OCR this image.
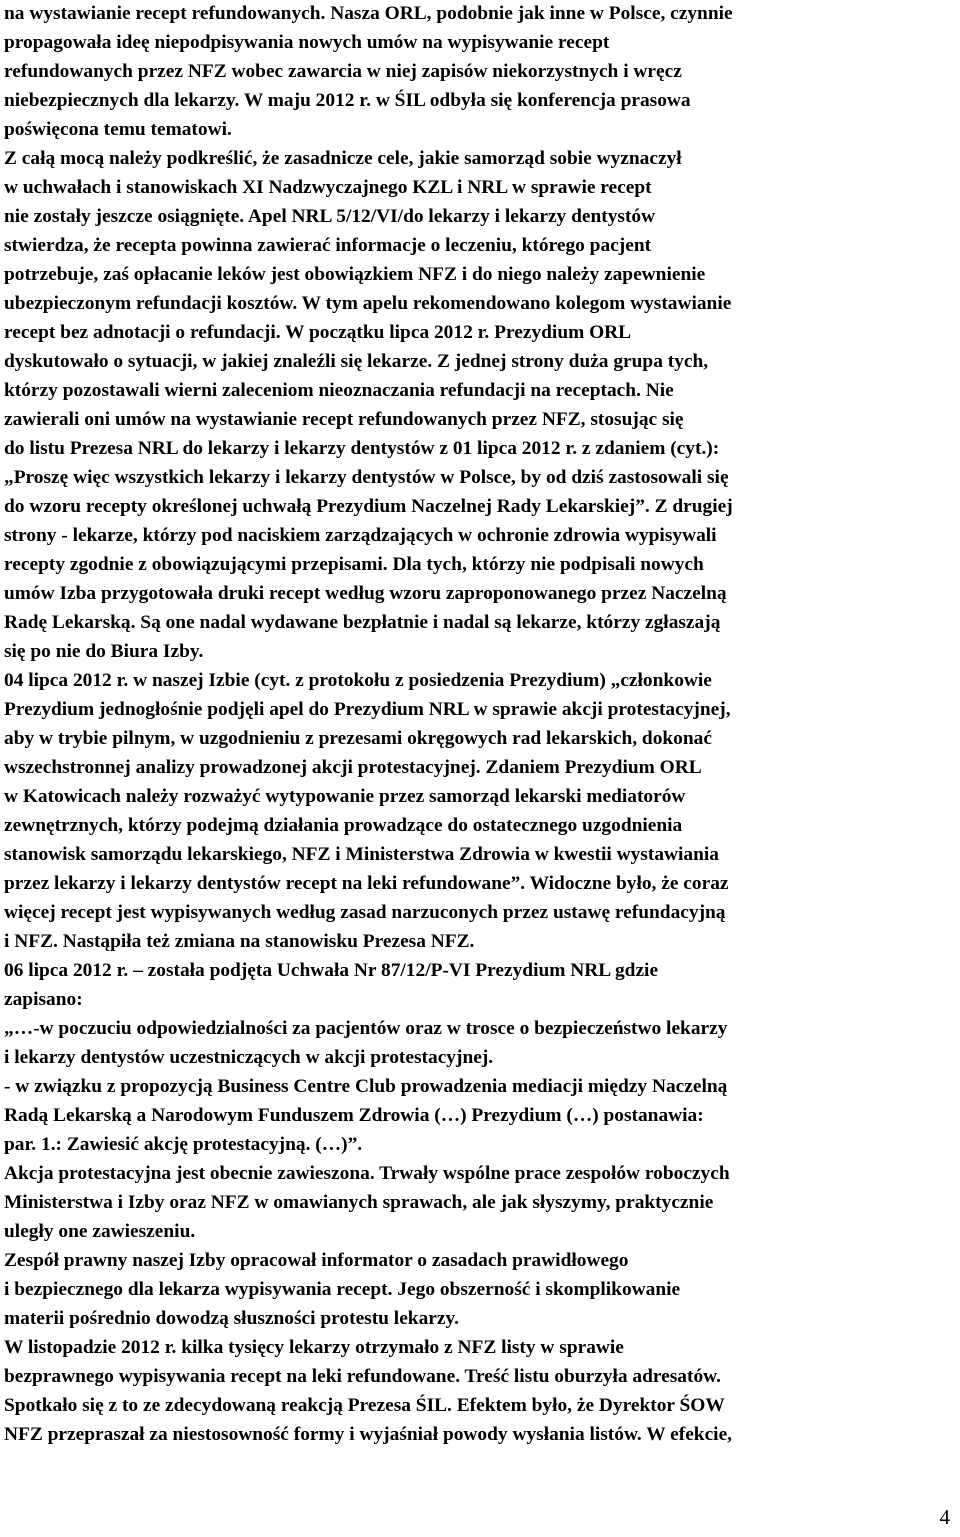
na wystawianie recept refundowanych. Nasza ORL, podobnie jak inne w Polsce, czynnie
propagowała ideę niepodpisywania nowych umów na wypisywanie recept
refundowanych przez NFZ wobec zawarcia w niej zapisów niekorzystnych i wręcz
niebezpiecznych dla lekarzy. W maju 2012 r. w ŚIL odbyła się konferencja prasowa
poświęcona temu tematowi.
Z całą mocą należy podkreślić, że zasadnicze cele, jakie samorząd sobie wyznaczył
w uchwałach i stanowiskach XI Nadzwyczajnego KZL i NRL w sprawie recept
nie zostały jeszcze osiągnięte. Apel NRL 5/12/VI/do lekarzy i lekarzy dentystów
stwierdza, że recepta powinna zawierać informacje o leczeniu, którego pacjent
potrzebuje, zaś opłacanie leków jest obowiązkiem NFZ i do niego należy zapewnienie
ubezpieczonym refundacji kosztów. W tym apelu rekomendowano kolegom wystawianie
recept bez adnotacji o refundacji. W początku lipca 2012 r. Prezydium ORL
dyskutowało o sytuacji, w jakiej znaleźli się lekarze. Z jednej strony duża grupa tych,
którzy pozostawali wierni zaleceniom nieoznaczania refundacji na receptach. Nie
zawierali oni umów na wystawianie recept refundowanych przez NFZ, stosując się
do listu Prezesa NRL do lekarzy i lekarzy dentystów z 01 lipca 2012 r. z zdaniem (cyt.):
„Proszę więc wszystkich lekarzy i lekarzy dentystów w Polsce, by od dziś zastosowali się
do wzoru recepty określonej uchwałą Prezydium Naczelnej Rady Lekarskiej”. Z drugiej
strony - lekarze, którzy pod naciskiem zarządzających w ochronie zdrowia wypisywali
recepty zgodnie z obowiązującymi przepisami. Dla tych, którzy nie podpisali nowych
umów Izba przygotowała druki recept według wzoru zaproponowanego przez Naczelną
Radę Lekarską. Są one nadal wydawane bezpłatnie i nadal są lekarze, którzy zgłaszają
się po nie do Biura Izby.
04 lipca 2012 r. w naszej Izbie (cyt. z protokołu z posiedzenia Prezydium) „członkowie
Prezydium jednogłośnie podjęli apel do Prezydium NRL w sprawie akcji protestacyjnej,
aby w trybie pilnym, w uzgodnieniu z prezesami okręgowych rad lekarskich, dokonać
wszechstronnej analizy prowadzonej akcji protestacyjnej. Zdaniem Prezydium ORL
w Katowicach należy rozważyć wytypowanie przez samorząd lekarski mediatorów
zewnętrznych, którzy podejmą działania prowadzące do ostatecznego uzgodnienia
stanowisk samorządu lekarskiego, NFZ i Ministerstwa Zdrowia w kwestii wystawiania
przez lekarzy i lekarzy dentystów recept na leki refundowane”. Widoczne było, że coraz
więcej recept jest wypisywanych według zasad narzuconych przez ustawę refundacyjną
i NFZ. Nastąpiła też zmiana na stanowisku Prezesa NFZ.
06 lipca 2012 r. – została podjęta Uchwała Nr 87/12/P-VI Prezydium NRL gdzie
zapisano:
„…-w poczuciu odpowiedzialności za pacjentów oraz w trosce o bezpieczeństwo lekarzy
i lekarzy dentystów uczestniczących w akcji protestacyjnej.
- w związku z propozycją Business Centre Club prowadzenia mediacji między Naczelną
Radą Lekarską a Narodowym Funduszem Zdrowia (…) Prezydium (…) postanawia:
par. 1.: Zawiesić akcję protestacyjną. (…)”.
Akcja protestacyjna jest obecnie zawieszona. Trwały wspólne prace zespołów roboczych
Ministerstwa i Izby oraz NFZ w omawianych sprawach, ale jak słyszymy, praktycznie
uległy one zawieszeniu.
Zespół prawny naszej Izby opracował informator o zasadach prawidłowego
i bezpiecznego dla lekarza wypisywania recept. Jego obszerność i skomplikowanie
materii pośrednio dowodzą słuszności protestu lekarzy.
W listopadzie 2012 r. kilka tysięcy lekarzy otrzymało z NFZ listy w sprawie
bezprawnego wypisywania recept na leki refundowane. Treść listu oburzyła adresatów.
Spotkało się z to ze zdecydowaną reakcją Prezesa ŚIL. Efektem było, że Dyrektor ŚOW
NFZ przepraszał za niestosowność formy i wyjaśniał powody wysłania listów. W efekcie,
4
